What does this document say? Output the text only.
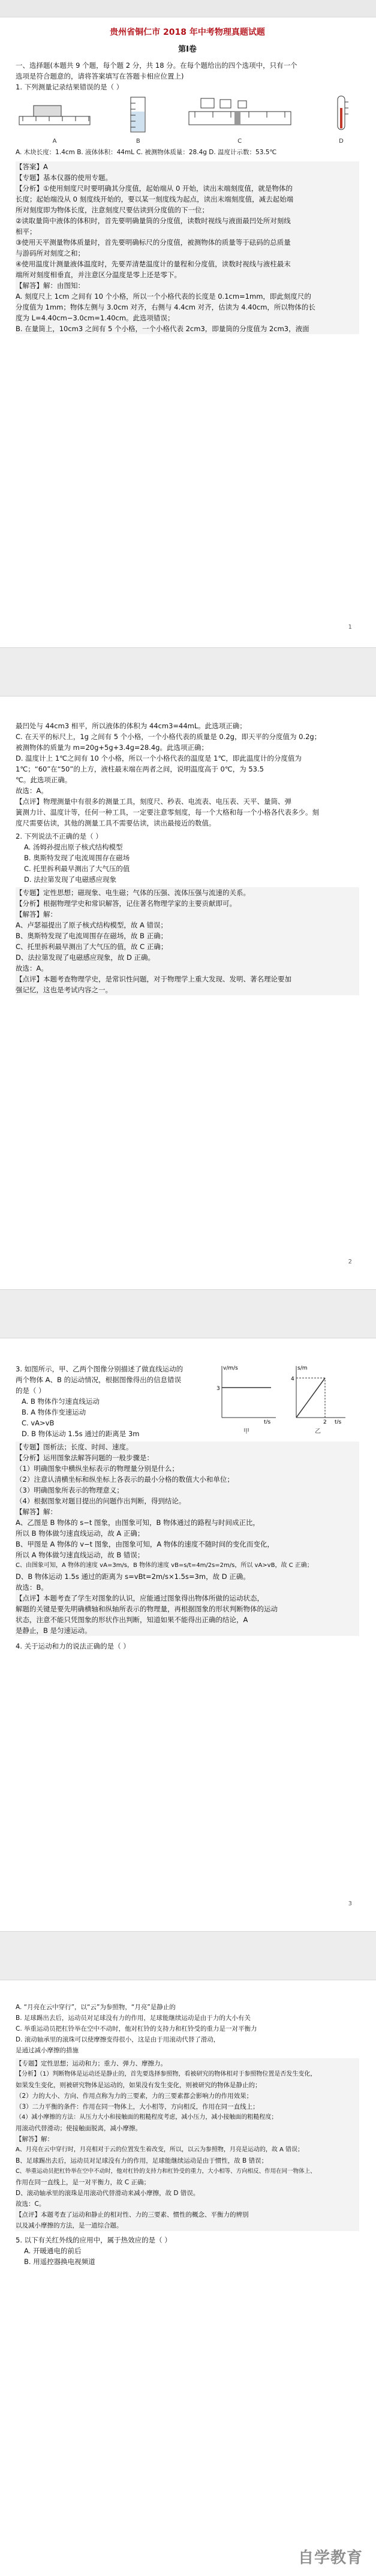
贵州省铜仁市 2018 年中考物理真题试题
第Ⅰ卷

一、选择题(本题共 9 个题，每个题 2 分，共 18 分。在每个题给出的四个选项中，只有一个

选项是符合题意的，请将答案填写在答题卡相应位置上)

1. 下列测量记录结果错误的是（ ）

A	B	C	D

A. 木块长度：1.4cm B. 液体体积：44mL C. 被测物体质量：28.4g D. 温度计示数：53.5℃

【答案】A

【专题】基本仪器的使用专题。

【分析】①使用刻度尺时要明确其分度值，起始端从 0 开始，读出末端刻度值，就是物体的

长度；起始端没从 0 刻度线开始的，要以某一刻度线为起点，读出末端刻度值，减去起始端

所对刻度即为物体长度，注意刻度尺要估读到分度值的下一位；

②读取量筒中液体的体积时，首先要明确量筒的分度值，读数时视线与液面最凹处所对刻线

相平；

③使用天平测量物体质量时，首先要明确标尺的分度值，被测物体的质量等于砝码的总质量

与游码所对刻度之和；

④使用温度计测量液体温度时，先要弄清楚温度计的量程和分度值，读数时视线与液柱最末

端所对刻度相垂直，并注意区分温度是零上还是零下。

【解答】解：由图知：

A. 刻度尺上 1cm 之间有 10 个小格，所以一个小格代表的长度是 0.1cm=1mm，即此刻度尺的

分度值为 1mm；物体左侧与 3.0cm 对齐，右侧与 4.4cm 对齐，估读为 4.40cm，所以物体的长

度为 L=4.40cm−3.0cm=1.40cm。此选项错误；

B. 在量筒上，10cm3 之间有 5 个小格，一个小格代表 2cm3，即量筒的分度值为 2cm3，液面

1

最凹处与 44cm3 相平，所以液体的体积为 44cm3=44mL。此选项正确；

C. 在天平的标尺上，1g 之间有 5 个小格，一个小格代表的质量是 0.2g，即天平的分度值为 0.2g；

被测物体的质量为 m=20g+5g+3.4g=28.4g。此选项正确；

D. 温度计上 1℃之间有 10 个小格，所以一个小格代表的温度是 1℃，即此温度计的分度值为

1℃；“60”在“50”的上方，液柱最末端在两者之间，说明温度高于 0℃，为 53.5

℃。此选项正确。

故选：A。

【点评】物理测量中有很多的测量工具，刻度尺、秒表、电流表、电压表、天平、量筒、弹

簧测力计、温度计等，任何一种工具，一定要注意零刻度，每一个大格和每一个小格各代表多少。刻

度尺需要估读，其他的测量工具不需要估读，读出最接近的数值。

2. 下列说法不正确的是（ ）

A. 汤姆孙提出原子核式结构模型

B. 奥斯特发现了电流周围存在磁场

C. 托里拆利最早测出了大气压的值

D. 法拉第发现了电磁感应现象

【专题】定性思想；磁现象、电生磁；气体的压强、流体压强与流速的关系。

【分析】根据物理学史和常识解答，记住著名物理学家的主要贡献即可。

【解答】解：

A、卢瑟福提出了原子核式结构模型，故 A 错误；

B、奥斯特发现了电流周围存在磁场，故 B 正确；

C、托里拆利最早测出了大气压的值，故 C 正确；

D、法拉第发现了电磁感应现象，故 D 正确。

故选：A。

【点评】本题考查物理学史，是常识性问题，对于物理学上重大发现、发明、著名理论要加

强记忆，这也是考试内容之一。

2

3. 如图所示，甲、乙两个图像分别描述了做直线运动的

两个物体 A、B 的运动情况，根据图像得出的信息错误

的是（ ）

A. B 物体作匀速直线运动

B. A 物体作变速运动

C. vA>vB

D. B 物体运动 1.5s 通过的距离是 3m

v/m/s
t/s
3
甲
s/m
t/s
4
2
乙

【专题】图析法；长度、时间、速度。

【分析】运用图象法解答问题的一般步骤是：

（1）明确图象中横纵坐标表示的物理量分别是什么；

（2）注意认清横坐标和纵坐标上各表示的最小分格的数值大小和单位；

（3）明确图象所表示的物理意义；

（4）根据图象对题目提出的问题作出判断，得到结论。

【解答】解：

A、乙图是 B 物体的 s−t 图象，由图象可知，B 物体通过的路程与时间成正比，

所以 B 物体做匀速直线运动，故 A 正确；

B、甲图是 A 物体的 v−t 图象，由图象可知，A 物体的速度不随时间的变化而变化，

所以 A 物体做匀速直线运动，故 B 错误；

C、由图象可知，A 物体的速度 vA=3m/s，B 物体的速度 vB=s/t=4m/2s=2m/s，所以 vA>vB，故 C 正确；

D、B 物体运动 1.5s 通过的距离为 s=vBt=2m/s×1.5s=3m，故 D 正确。

故选：B。

【点评】本题考查了学生对图象的认识，应能通过图象得出物体所做的运动状态，

解题的关键是要先明确横轴和纵轴所表示的物理量，再根据图象的形状判断物体的运动

状态，注意不能只凭图象的形状作出判断，知道如果不能得出正确的结论，A

是静止，B 是匀速运动。

4. 关于运动和力的说法正确的是（ ）

3

A. “月亮在云中穿行”，以“云”为参照物，“月亮”是静止的

B. 足球踢出去后，运动员对足球没有力的作用，足球能继续运动是由于力的大小有关

C. 举重运动员把杠铃举在空中不动时，他对杠铃的支持力和杠铃受的重力是一对平衡力

D. 滚动轴承里的滚珠可以使摩擦变得很小，这是由于用滚动代替了滑动，

是通过减小摩擦的措施

【专题】定性思想；运动和力；重力、弹力、摩擦力。

【分析】（1）判断物体是运动还是静止的，首先要选择参照物，看被研究的物体相对于参照物位置是否发生变化，

如果发生变化，则被研究物体是运动的，如果没有发生变化，则被研究的物体是静止的；

（2）力的大小、方向、作用点称为力的三要素，力的三要素都会影响力的作用效果；

（3）二力平衡的条件：作用在同一物体上，大小相等，方向相反，作用在同一直线上；

（4）减小摩擦的方法：从压力大小和接触面的粗糙程度考虑，减小压力，减小接触面的粗糙程度；

用滚动代替滑动；使接触面脱离，减小摩擦。

【解答】解：

A、月亮在云中穿行时，月亮相对于云的位置发生着改变，所以，以云为参照物，月亮是运动的，故 A 错误；

B、足球踢出去后，运动员对足球没有力的作用，足球能继续运动是由于惯性，故 B 错误；

C、举重运动员把杠铃举在空中不动时，他对杠铃的支持力和杠铃受的重力，大小相等、方向相反、作用在同一物体上、

作用在同一直线上，是一对平衡力，故 C 正确；

D、滚动轴承里的滚珠是用滚动代替滑动来减小摩擦，故 D 错误。

故选：C。

【点评】本题考查了运动和静止的相对性、力的三要素、惯性的概念、平衡力的辨别

以及减小摩擦的方法，是一道综合题。

5. 以下有关红外线的应用中，属于热效应的是（ ）

A. 开暖通电的前后

B. 用遥控器换电视频道

自学教育
